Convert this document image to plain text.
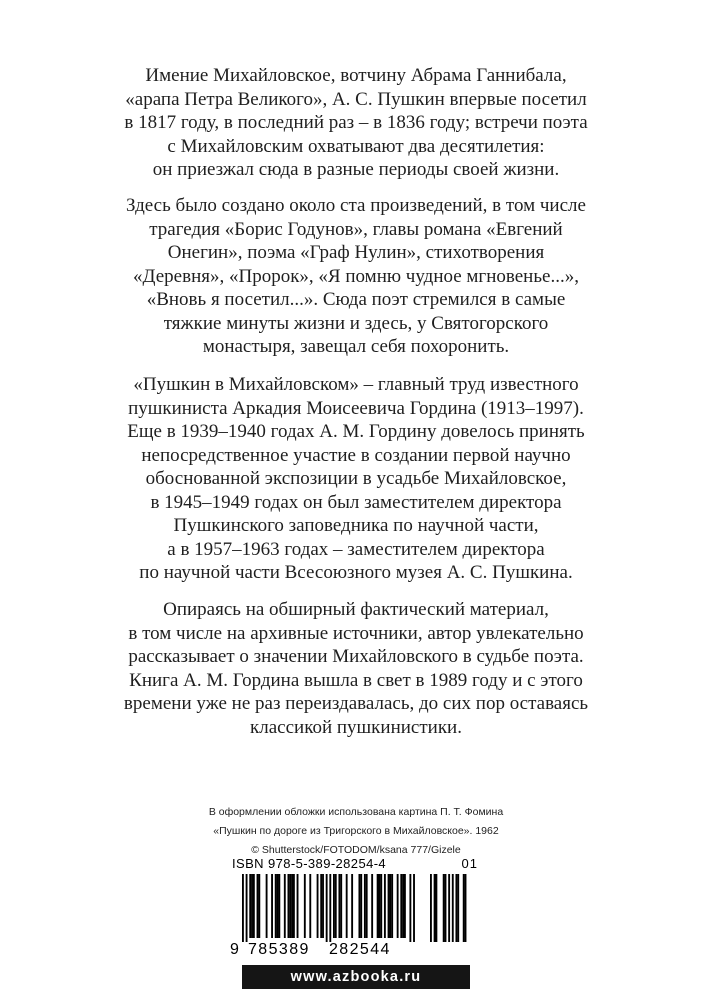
Имение Михайловское, вотчину Абрама Ганнибала,

«арапа Петра Великого», А. С. Пушкин впервые посетил

в 1817 году, в последний раз – в 1836 году; встречи поэта

с Михайловским охватывают два десятилетия:

он приезжал сюда в разные периоды своей жизни.

Здесь было создано около ста произведений, в том числе

трагедия «Борис Годунов», главы романа «Евгений

Онегин», поэма «Граф Нулин», стихотворения

«Деревня», «Пророк», «Я помню чудное мгновенье...»,

«Вновь я посетил...». Сюда поэт стремился в самые

тяжкие минуты жизни и здесь, у Святогорского

монастыря, завещал себя похоронить.

«Пушкин в Михайловском» – главный труд известного

пушкиниста Аркадия Моисеевича Гордина (1913–1997).

Еще в 1939–1940 годах А. М. Гордину довелось принять

непосредственное участие в создании первой научно

обоснованной экспозиции в усадьбе Михайловское,

в 1945–1949 годах он был заместителем директора

Пушкинского заповедника по научной части,

а в 1957–1963 годах – заместителем директора

по научной части Всесоюзного музея А. С. Пушкина.

Опираясь на обширный фактический материал,

в том числе на архивные источники, автор увлекательно

рассказывает о значении Михайловского в судьбе поэта.

Книга А. М. Гордина вышла в свет в 1989 году и с этого

времени уже не раз переиздавалась, до сих пор оставаясь

классикой пушкинистики.

В оформлении обложки использована картина П. Т. Фомина

«Пушкин по дороге из Тригорского в Михайловское». 1962

© Shutterstock/FOTODOM/ksana 777/Gizele

ISBN 978-5-389-28254-4	01
9 785389 282544
www.azbooka.ru
